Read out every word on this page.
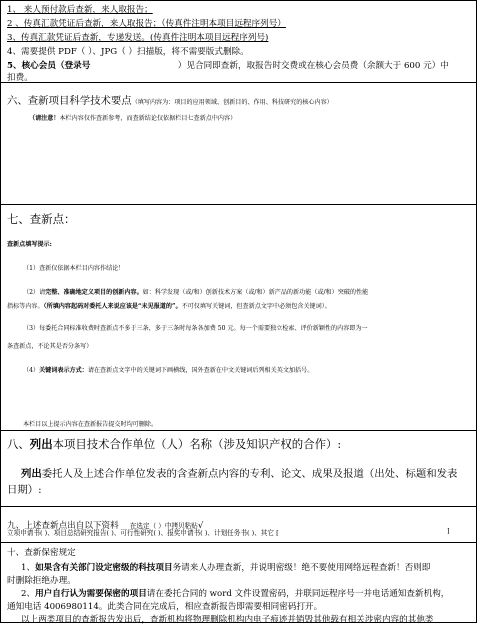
1、 来人预付款后查新，来人取报告；
2 、传真汇款凭证后查新，来人取报告；（传真件注明本项目远程序列号）
3、传真汇款凭证后查新，专递发送。(传真件注明本项目远程序列号)
4、需要提供 PDF（ ）、JPG（ ）扫描版，将不需要版式删除。
5、核心会员（登录号	）见合同即查新，取报告时交费或在核心会员费（余额大于 600 元）中
扣费。
六、查新项目科学技术要点（填写内容为：项目的应用领域、创新目的、作用、科技研究的核心内容）
（请注意！本栏内容仅作查新参考，而查新结论仅依据栏目七查新点中内容）
七、查新点：
查新点填写提示:
（1）查新仅依据本栏目内容作结论！
（2）请完整、准确地定义项目的创新内容。如：科学发现（或/和）创新技术方案（或/和）新产品的新功能（或/和）突破的性能
指标等内容。（所填内容起码对委托人来说应该是“未见报道的”。不可仅填写关键词，但查新点文字中必须包含关键词）。
（3）每委托合同标准收费时查新点不多于三条，多于三条时每条各加费 50 元。每一个需要独立检索、评价新颖性的内容即为一
条查新点，不论其是否分条写）
（4）关键词表示方式：请在查新点文字中的关键词下画横线，国外查新在中文关键词后列相关英文加括号。
本栏目以上提示内容在查新报告提交时均可删除。
八、列出本项目技术合作单位（人）名称（涉及知识产权的合作）:
列出委托人及上述合作单位发表的含查新点内容的专利、论文、成果及报道（出处、标题和发表
日期）:
九、上述查新点出自以下资料 在选定（ ）中拷贝粘贴√
立项申请书( )、项目总结研究报告( )、可行性研究( )、报奖申请书( )、计划任务书( )、其它 [	]
十、查新保密规定
1、如果含有关部门设定密级的科技项目务请来人办理查新，并说明密级！绝不要使用网络远程查新！否则即
时删除拒绝办理。
2、用户自行认为需要保密的项目请在委托合同的 word 文件设置密码，并联同远程序号一并电话通知查新机构，
通知电话 4006980114。此类合同在完成后，相应查新报告即需要相同密码打开。
以上两类项目的查新报告发出后，查新机构将物理删除机构内电子痕迹并销毁其他载有相关涉密内容的其他类
